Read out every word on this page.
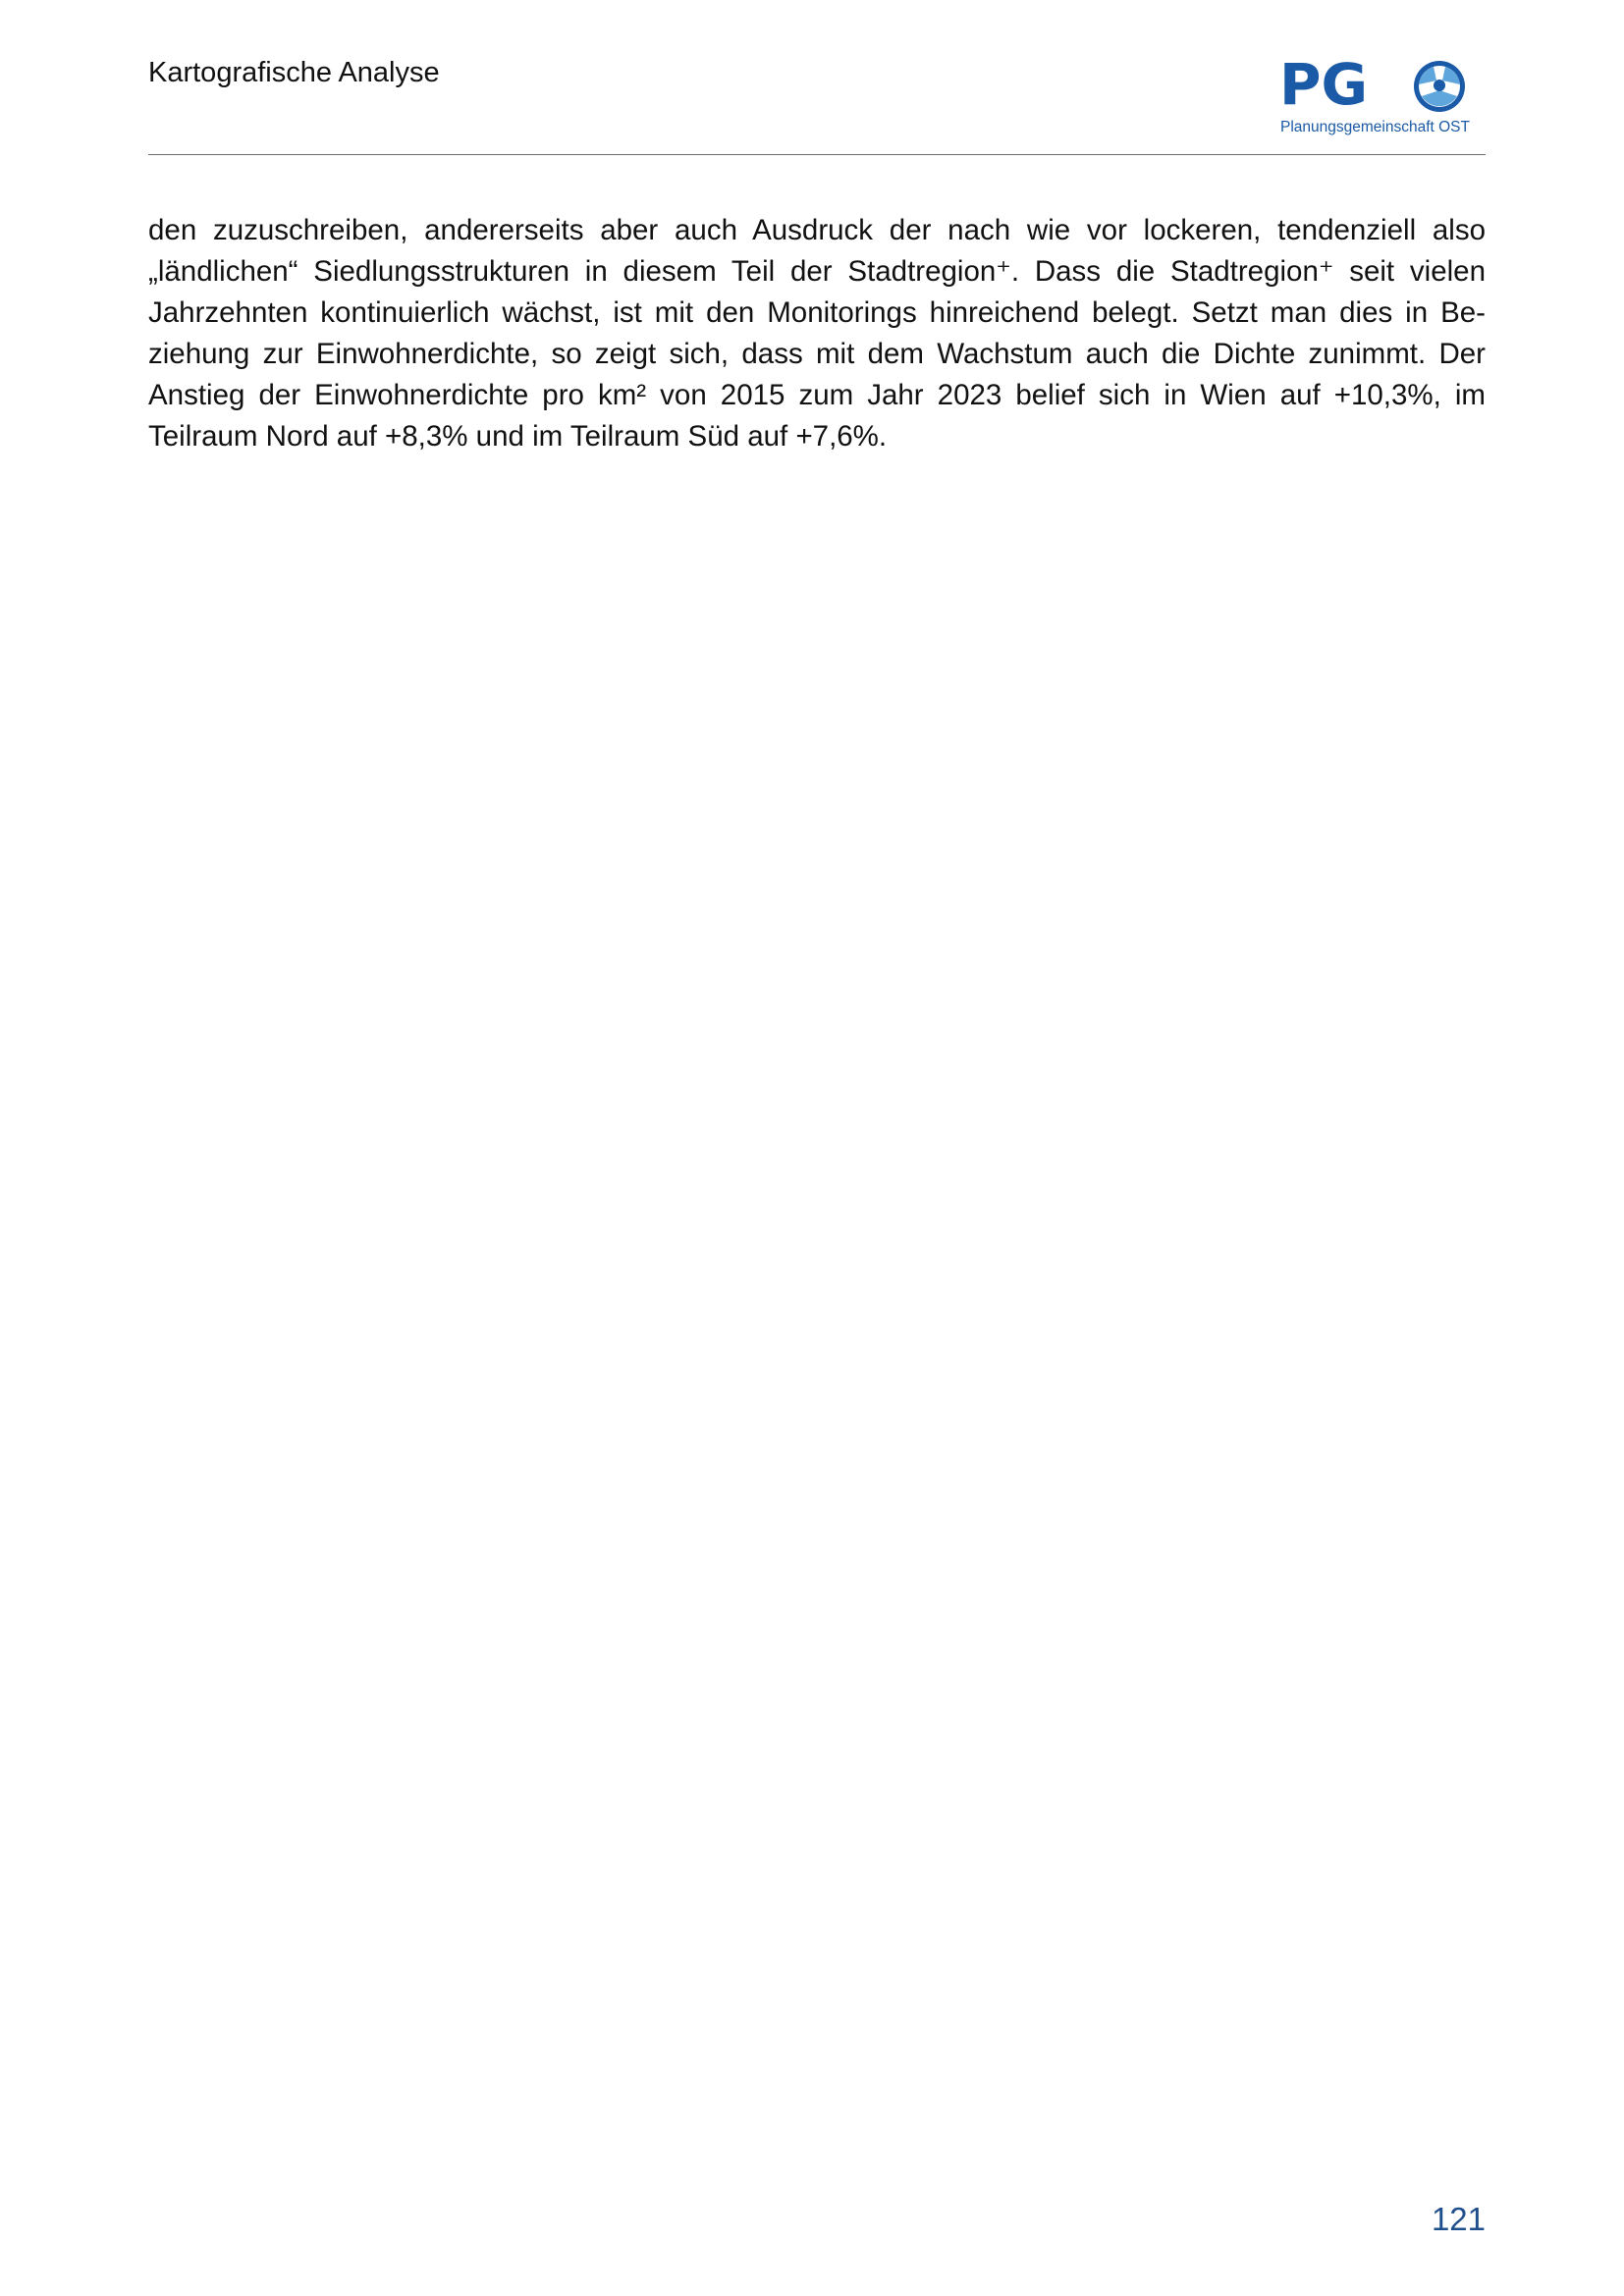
Kartografische Analyse	PG
Planungsgemeinschaft OST

den zuzuschreiben, andererseits aber auch Ausdruck der nach wie vor lockeren, tendenziell also „ländlichen“ Siedlungsstrukturen in diesem Teil der Stadtregion⁺. Dass die Stadtregion⁺ seit vielen Jahrzehnten kontinuierlich wächst, ist mit den Monitorings hinreichend belegt. Setzt man dies in Beziehung zur Einwohnerdichte, so zeigt sich, dass mit dem Wachstum auch die Dichte zunimmt. Der Anstieg der Einwohnerdichte pro km² von 2015 zum Jahr 2023 belief sich in Wien auf +10,3%, im Teilraum Nord auf +8,3% und im Teilraum Süd auf +7,6%.

121
